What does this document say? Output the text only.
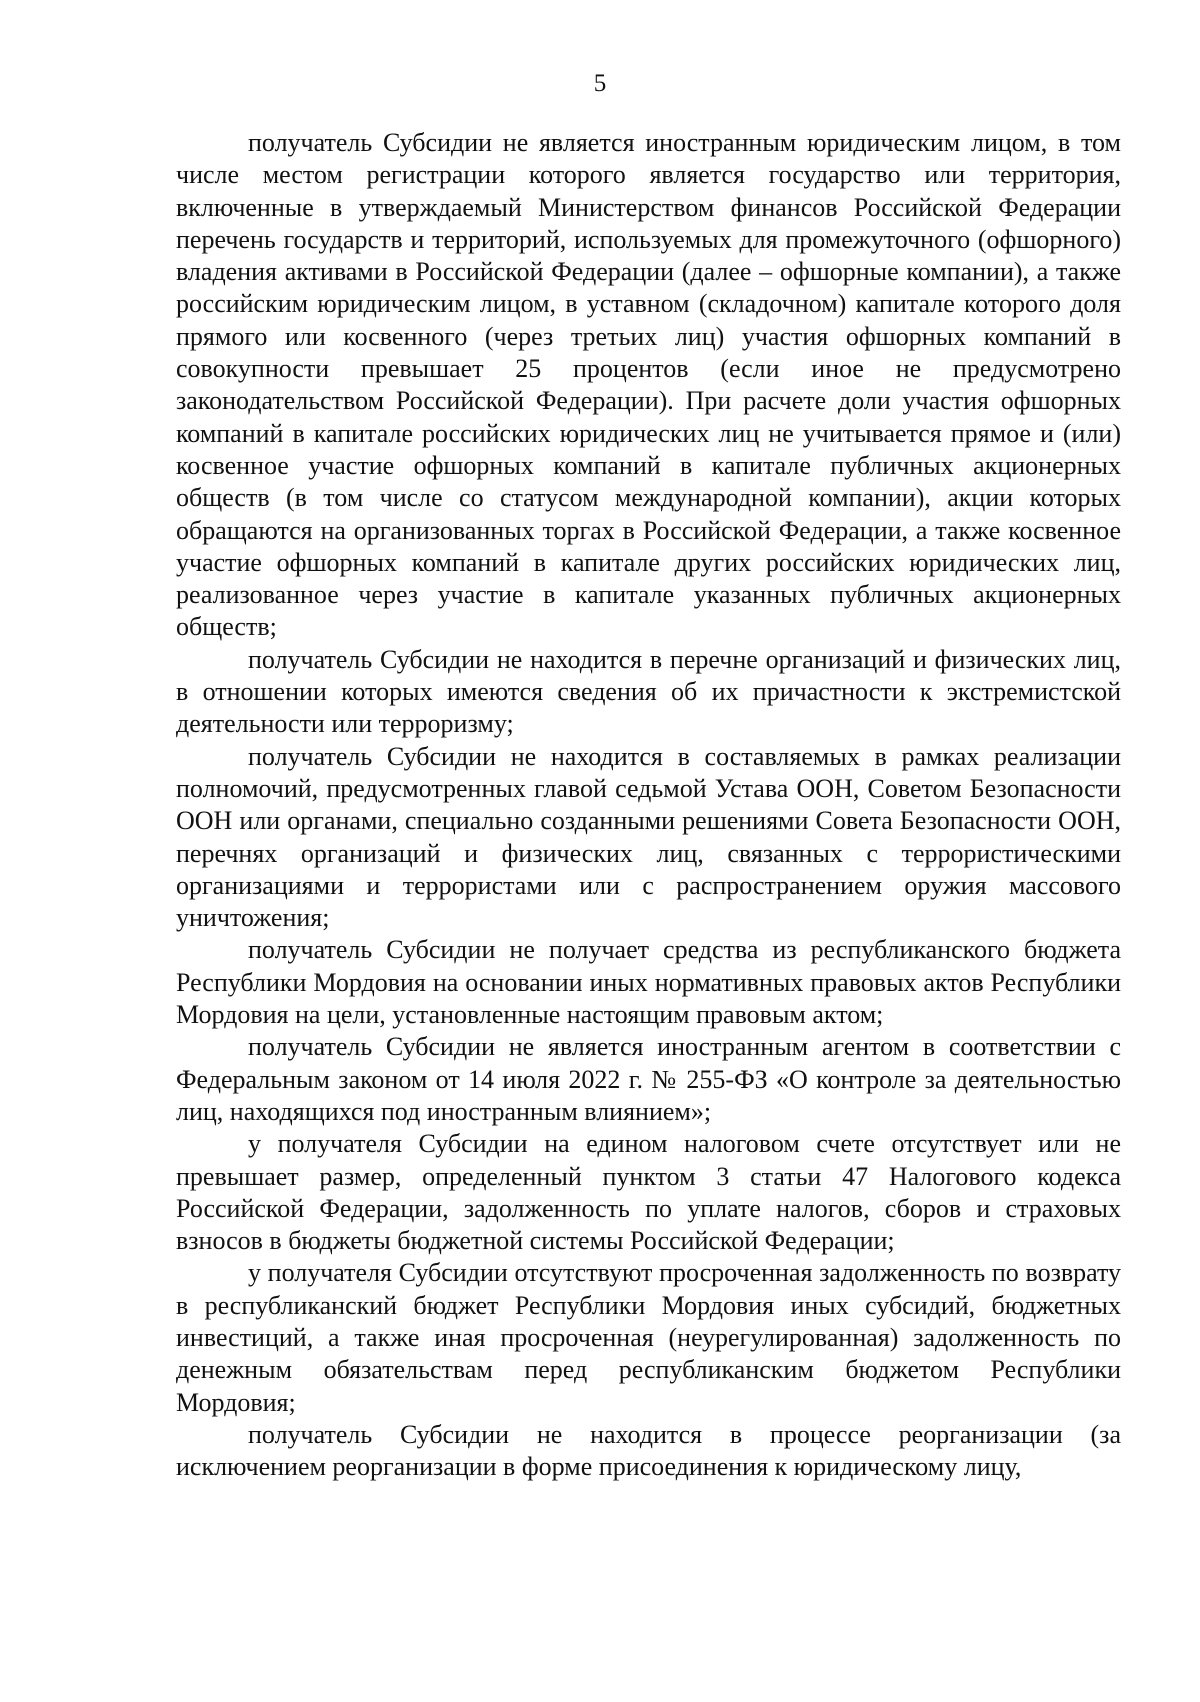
5

получатель Субсидии не является иностранным юридическим лицом, в том числе местом регистрации которого является государство или территория, включенные в утверждаемый Министерством финансов Российской Федерации перечень государств и территорий, используемых для промежуточного (офшорного) владения активами в Российской Федерации (далее – офшорные компании), а также российским юридическим лицом, в уставном (складочном) капитале которого доля прямого или косвенного (через третьих лиц) участия офшорных компаний в совокупности превышает 25 процентов (если иное не предусмотрено законодательством Российской Федерации). При расчете доли участия офшорных компаний в капитале российских юридических лиц не учитывается прямое и (или) косвенное участие офшорных компаний в капитале публичных акционерных обществ (в том числе со статусом международной компании), акции которых обращаются на организованных торгах в Российской Федерации, а также косвенное участие офшорных компаний в капитале других российских юридических лиц, реализованное через участие в капитале указанных публичных акционерных обществ;

получатель Субсидии не находится в перечне организаций и физических лиц, в отношении которых имеются сведения об их причастности к экстремистской деятельности или терроризму;

получатель Субсидии не находится в составляемых в рамках реализации полномочий, предусмотренных главой седьмой Устава ООН, Советом Безопасности ООН или органами, специально созданными решениями Совета Безопасности ООН, перечнях организаций и физических лиц, связанных с террористическими организациями и террористами или с распространением оружия массового уничтожения;

получатель Субсидии не получает средства из республиканского бюджета Республики Мордовия на основании иных нормативных правовых актов Республики Мордовия на цели, установленные настоящим правовым актом;

получатель Субсидии не является иностранным агентом в соответствии с Федеральным законом от 14 июля 2022 г. № 255-ФЗ «О контроле за деятельностью лиц, находящихся под иностранным влиянием»;

у получателя Субсидии на едином налоговом счете отсутствует или не превышает размер, определенный пунктом 3 статьи 47 Налогового кодекса Российской Федерации, задолженность по уплате налогов, сборов и страховых взносов в бюджеты бюджетной системы Российской Федерации;

у получателя Субсидии отсутствуют просроченная задолженность по возврату в республиканский бюджет Республики Мордовия иных субсидий, бюджетных инвестиций, а также иная просроченная (неурегулированная) задолженность по денежным обязательствам перед республиканским бюджетом Республики Мордовия;

получатель Субсидии не находится в процессе реорганизации (за исключением реорганизации в форме присоединения к юридическому лицу,
